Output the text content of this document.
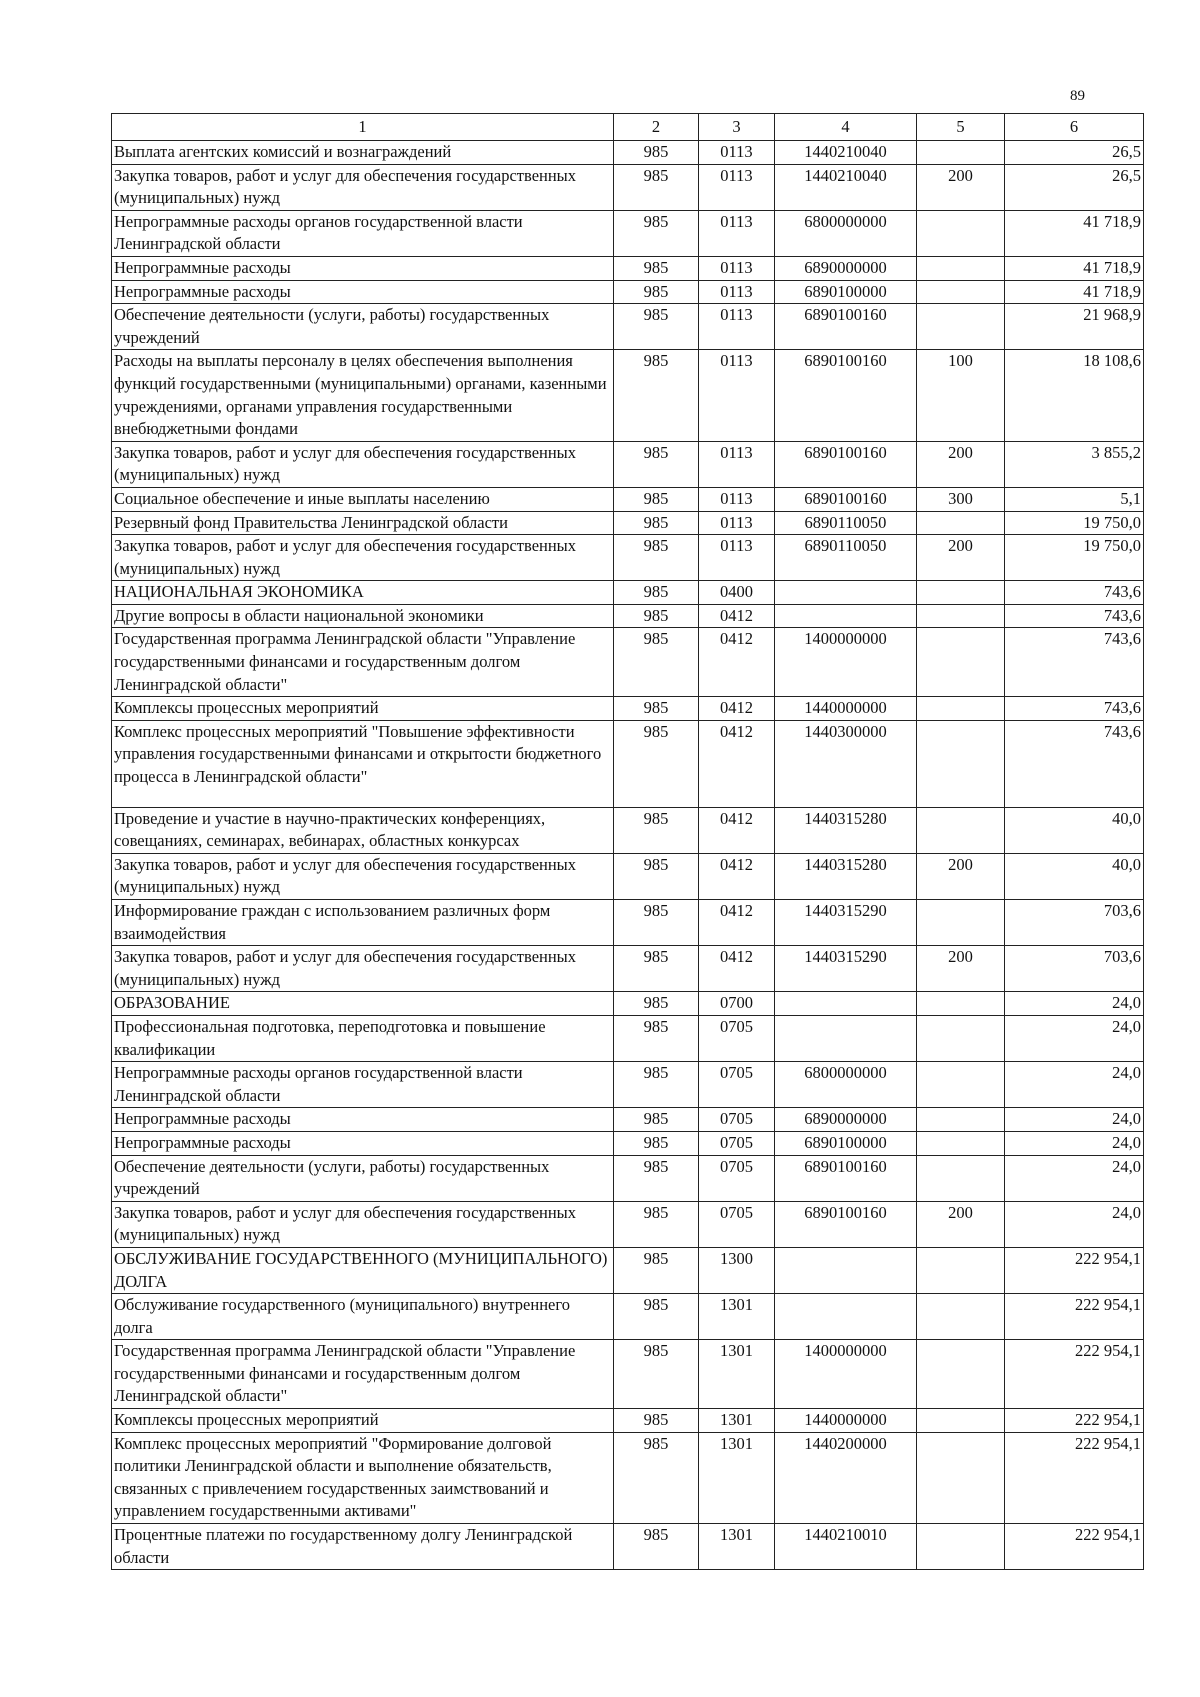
89
1	2	3	4	5	6
Выплата агентских комиссий и вознаграждений	985	0113	1440210040		26,5
Закупка товаров, работ и услуг для обеспечения государственных (муниципальных) нужд	985	0113	1440210040	200	26,5
Непрограммные расходы органов государственной власти Ленинградской области	985	0113	6800000000		41 718,9
Непрограммные расходы	985	0113	6890000000		41 718,9
Непрограммные расходы	985	0113	6890100000		41 718,9
Обеспечение деятельности (услуги, работы) государственных учреждений	985	0113	6890100160		21 968,9
Расходы на выплаты персоналу в целях обеспечения выполнения функций государственными (муниципальными) органами, казенными учреждениями, органами управления государственными внебюджетными фондами	985	0113	6890100160	100	18 108,6
Закупка товаров, работ и услуг для обеспечения государственных (муниципальных) нужд	985	0113	6890100160	200	3 855,2
Социальное обеспечение и иные выплаты населению	985	0113	6890100160	300	5,1
Резервный фонд Правительства Ленинградской области	985	0113	6890110050		19 750,0
Закупка товаров, работ и услуг для обеспечения государственных (муниципальных) нужд	985	0113	6890110050	200	19 750,0
НАЦИОНАЛЬНАЯ ЭКОНОМИКА	985	0400			743,6
Другие вопросы в области национальной экономики	985	0412			743,6
Государственная программа Ленинградской области "Управление государственными финансами и государственным долгом Ленинградской области"	985	0412	1400000000		743,6
Комплексы процессных мероприятий	985	0412	1440000000		743,6
Комплекс процессных мероприятий "Повышение эффективности управления государственными финансами и открытости бюджетного процесса в Ленинградской области"	985	0412	1440300000		743,6
Проведение и участие в научно-практических конференциях, совещаниях, семинарах, вебинарах, областных конкурсах	985	0412	1440315280		40,0
Закупка товаров, работ и услуг для обеспечения государственных (муниципальных) нужд	985	0412	1440315280	200	40,0
Информирование граждан с использованием различных форм взаимодействия	985	0412	1440315290		703,6
Закупка товаров, работ и услуг для обеспечения государственных (муниципальных) нужд	985	0412	1440315290	200	703,6
ОБРАЗОВАНИЕ	985	0700			24,0
Профессиональная подготовка, переподготовка и повышение квалификации	985	0705			24,0
Непрограммные расходы органов государственной власти Ленинградской области	985	0705	6800000000		24,0
Непрограммные расходы	985	0705	6890000000		24,0
Непрограммные расходы	985	0705	6890100000		24,0
Обеспечение деятельности (услуги, работы) государственных учреждений	985	0705	6890100160		24,0
Закупка товаров, работ и услуг для обеспечения государственных (муниципальных) нужд	985	0705	6890100160	200	24,0
ОБСЛУЖИВАНИЕ ГОСУДАРСТВЕННОГО (МУНИЦИПАЛЬНОГО) ДОЛГА	985	1300			222 954,1
Обслуживание государственного (муниципального) внутреннего долга	985	1301			222 954,1
Государственная программа Ленинградской области "Управление государственными финансами и государственным долгом Ленинградской области"	985	1301	1400000000		222 954,1
Комплексы процессных мероприятий	985	1301	1440000000		222 954,1
Комплекс процессных мероприятий "Формирование долговой политики Ленинградской области и выполнение обязательств, связанных с привлечением государственных заимствований и управлением государственными активами"	985	1301	1440200000		222 954,1
Процентные платежи по государственному долгу Ленинградской области	985	1301	1440210010		222 954,1
